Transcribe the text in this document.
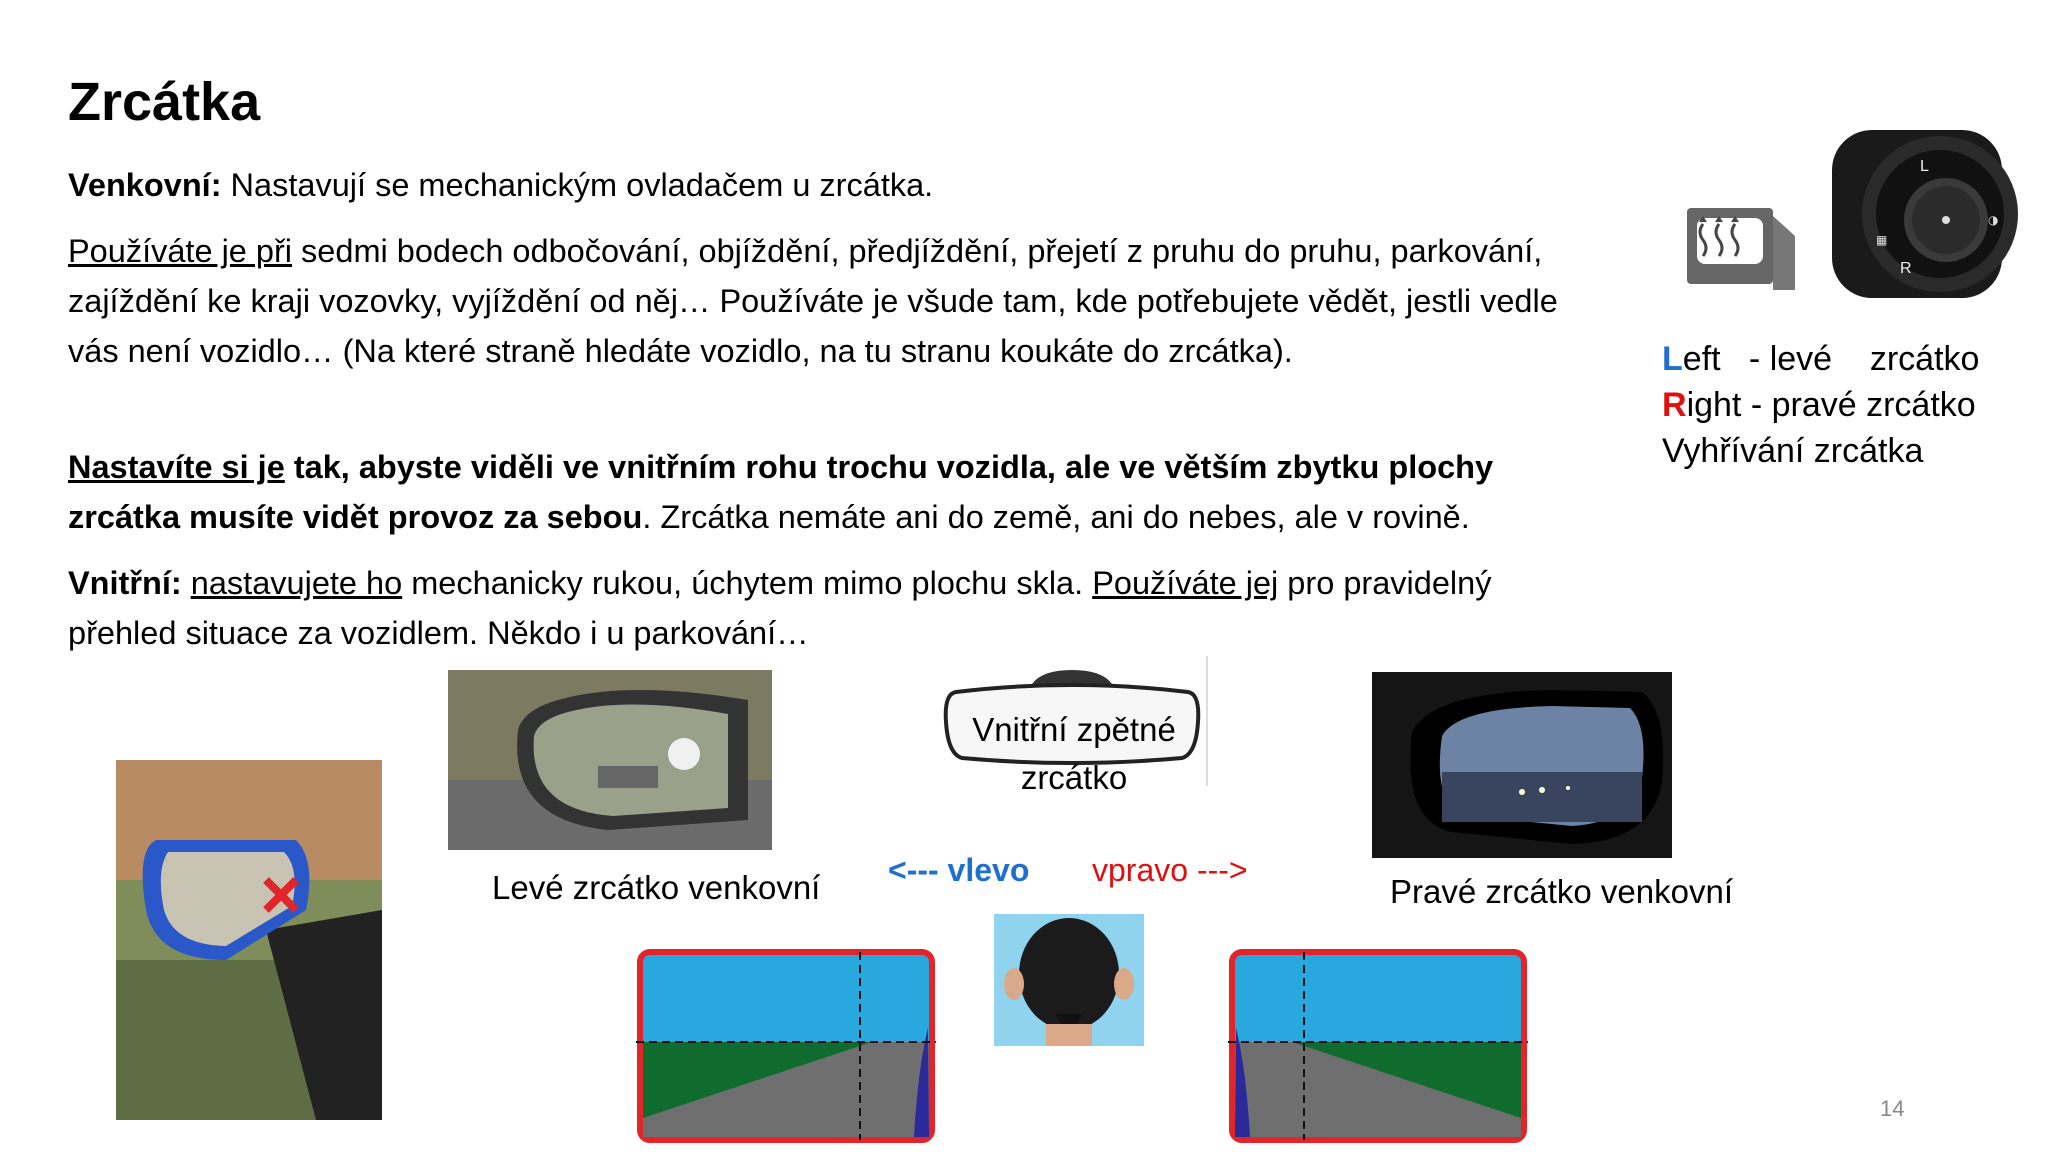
Zrcátka
Venkovní: Nastavují se mechanickým ovladačem u zrcátka.
Používáte je při sedmi bodech odbočování, objíždění, předjíždění, přejetí z pruhu do pruhu, parkování, zajíždění ke kraji vozovky, vyjíždění od něj… Používáte je všude tam, kde potřebujete vědět, jestli vedle vás není vozidlo… (Na které straně hledáte vozidlo, na tu stranu koukáte do zrcátka).
Nastavíte si je tak, abyste viděli ve vnitřním rohu trochu vozidla, ale ve větším zbytku plochy zrcátka musíte vidět provoz za sebou. Zrcátka nemáte ani do země, ani do nebes, ale v rovině.
Vnitřní: nastavujete ho mechanicky rukou, úchytem mimo plochu skla. Používáte jej pro pravidelný přehled situace za vozidlem. Někdo i u parkování…
▦
◑
L
R
Left   - levé    zrcátko
Right - pravé zrcátko
Vyhřívání zrcátka
Vnitřní zpětné
zrcátko
Levé zrcátko venkovní	Pravé zrcátko venkovní
<--- vlevo vpravo --->
14
